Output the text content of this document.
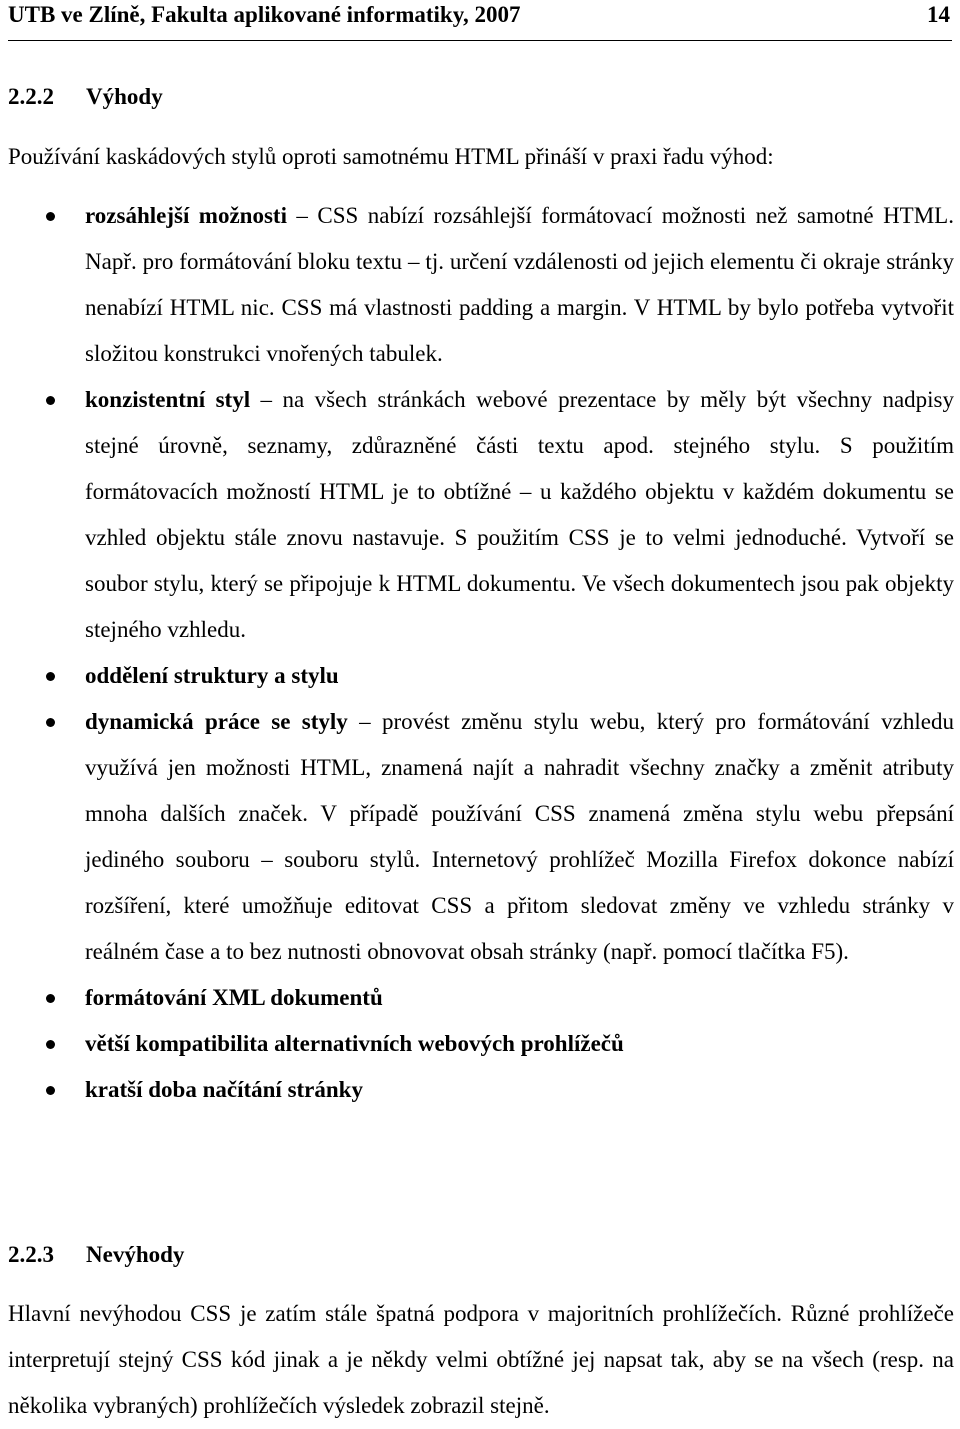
UTB ve Zlíně, Fakulta aplikované informatiky, 2007	14
2.2.2 Výhody
Používání kaskádových stylů oproti samotnému HTML přináší v praxi řadu výhod:
rozsáhlejší možnosti – CSS nabízí rozsáhlejší formátovací možnosti než samotné HTML. Např. pro formátování bloku textu – tj. určení vzdálenosti od jejich elementu či okraje stránky nenabízí HTML nic. CSS má vlastnosti padding a margin. V HTML by bylo potřeba vytvořit složitou konstrukci vnořených tabulek.
konzistentní styl – na všech stránkách webové prezentace by měly být všechny nadpisy stejné úrovně, seznamy, zdůrazněné části textu apod. stejného stylu. S použitím formátovacích možností HTML je to obtížné – u každého objektu v každém dokumentu se vzhled objektu stále znovu nastavuje. S použitím CSS je to velmi jednoduché. Vytvoří se soubor stylu, který se připojuje k HTML dokumentu. Ve všech dokumentech jsou pak objekty stejného vzhledu.
oddělení struktury a stylu
dynamická práce se styly – provést změnu stylu webu, který pro formátování vzhledu využívá jen možnosti HTML, znamená najít a nahradit všechny značky a změnit atributy mnoha dalších značek. V případě používání CSS znamená změna stylu webu přepsání jediného souboru – souboru stylů. Internetový prohlížeč Mozilla Firefox dokonce nabízí rozšíření, které umožňuje editovat CSS a přitom sledovat změny ve vzhledu stránky v reálném čase a to bez nutnosti obnovovat obsah stránky (např. pomocí tlačítka F5).
formátování XML dokumentů
větší kompatibilita alternativních webových prohlížečů
kratší doba načítání stránky
2.2.3 Nevýhody
Hlavní nevýhodou CSS je zatím stále špatná podpora v majoritních prohlížečích. Různé prohlížeče interpretují stejný CSS kód jinak a je někdy velmi obtížné jej napsat tak, aby se na všech (resp. na několika vybraných) prohlížečích výsledek zobrazil stejně.
